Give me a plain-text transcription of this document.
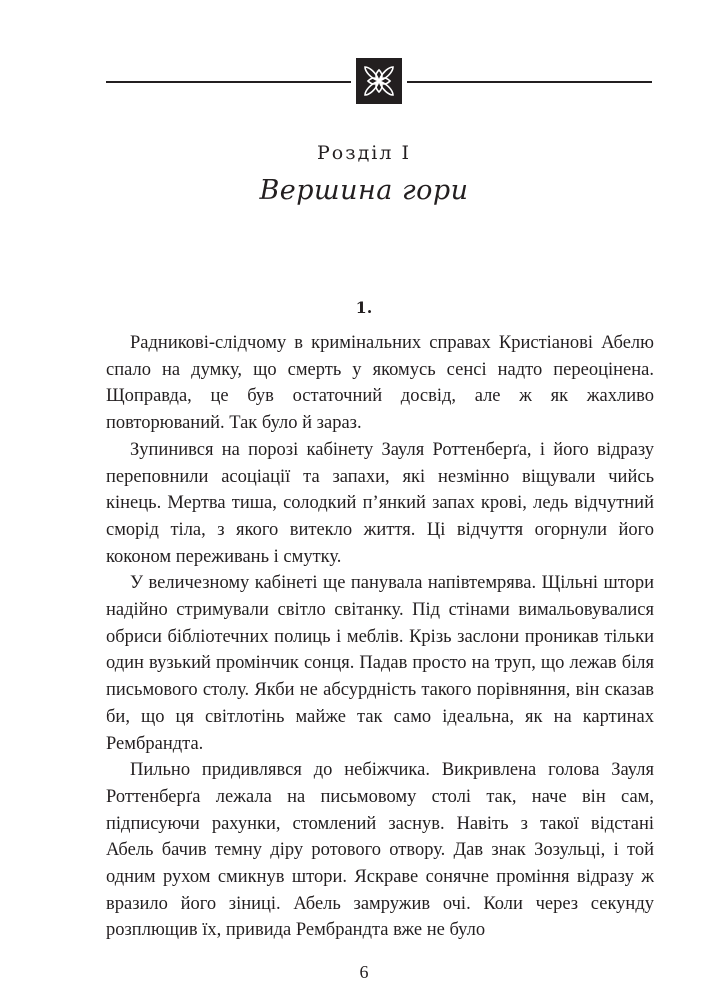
Розділ І
Вершина гори
1.

Радникові-слідчому в кримінальних справах Кристіанові Абелю спало на думку, що смерть у якомусь сенсі надто переоцінена. Щоправда, це був остаточний досвід, але ж як жахливо повторюваний. Так було й зараз.

Зупинився на порозі кабінету Зауля Роттенберґа, і його відразу переповнили асоціації та запахи, які незмінно віщували чийсь кінець. Мертва тиша, солодкий п’янкий запах крові, ледь відчутний сморід тіла, з якого витекло життя. Ці відчуття огорнули його коконом переживань і смутку.

У величезному кабінеті ще панувала напівтемрява. Щільні штори надійно стримували світло світанку. Під стінами вимальовувалися обриси бібліотечних полиць і меблів. Крізь заслони проникав тільки один вузький промінчик сонця. Падав просто на труп, що лежав біля письмового столу. Якби не абсурдність такого порівняння, він сказав би, що ця світлотінь майже так само ідеальна, як на картинах Рембрандта.

Пильно придивлявся до небіжчика. Викривлена голова Зауля Роттенберґа лежала на письмовому столі так, наче він сам, підписуючи рахунки, стомлений заснув. Навіть з такої відстані Абель бачив темну діру ротового отвору. Дав знак Зозульці, і той одним рухом смикнув штори. Яскраве сонячне проміння відразу ж вразило його зіниці. Абель замружив очі. Коли через секунду розплющив їх, привида Рембрандта вже не було

6
